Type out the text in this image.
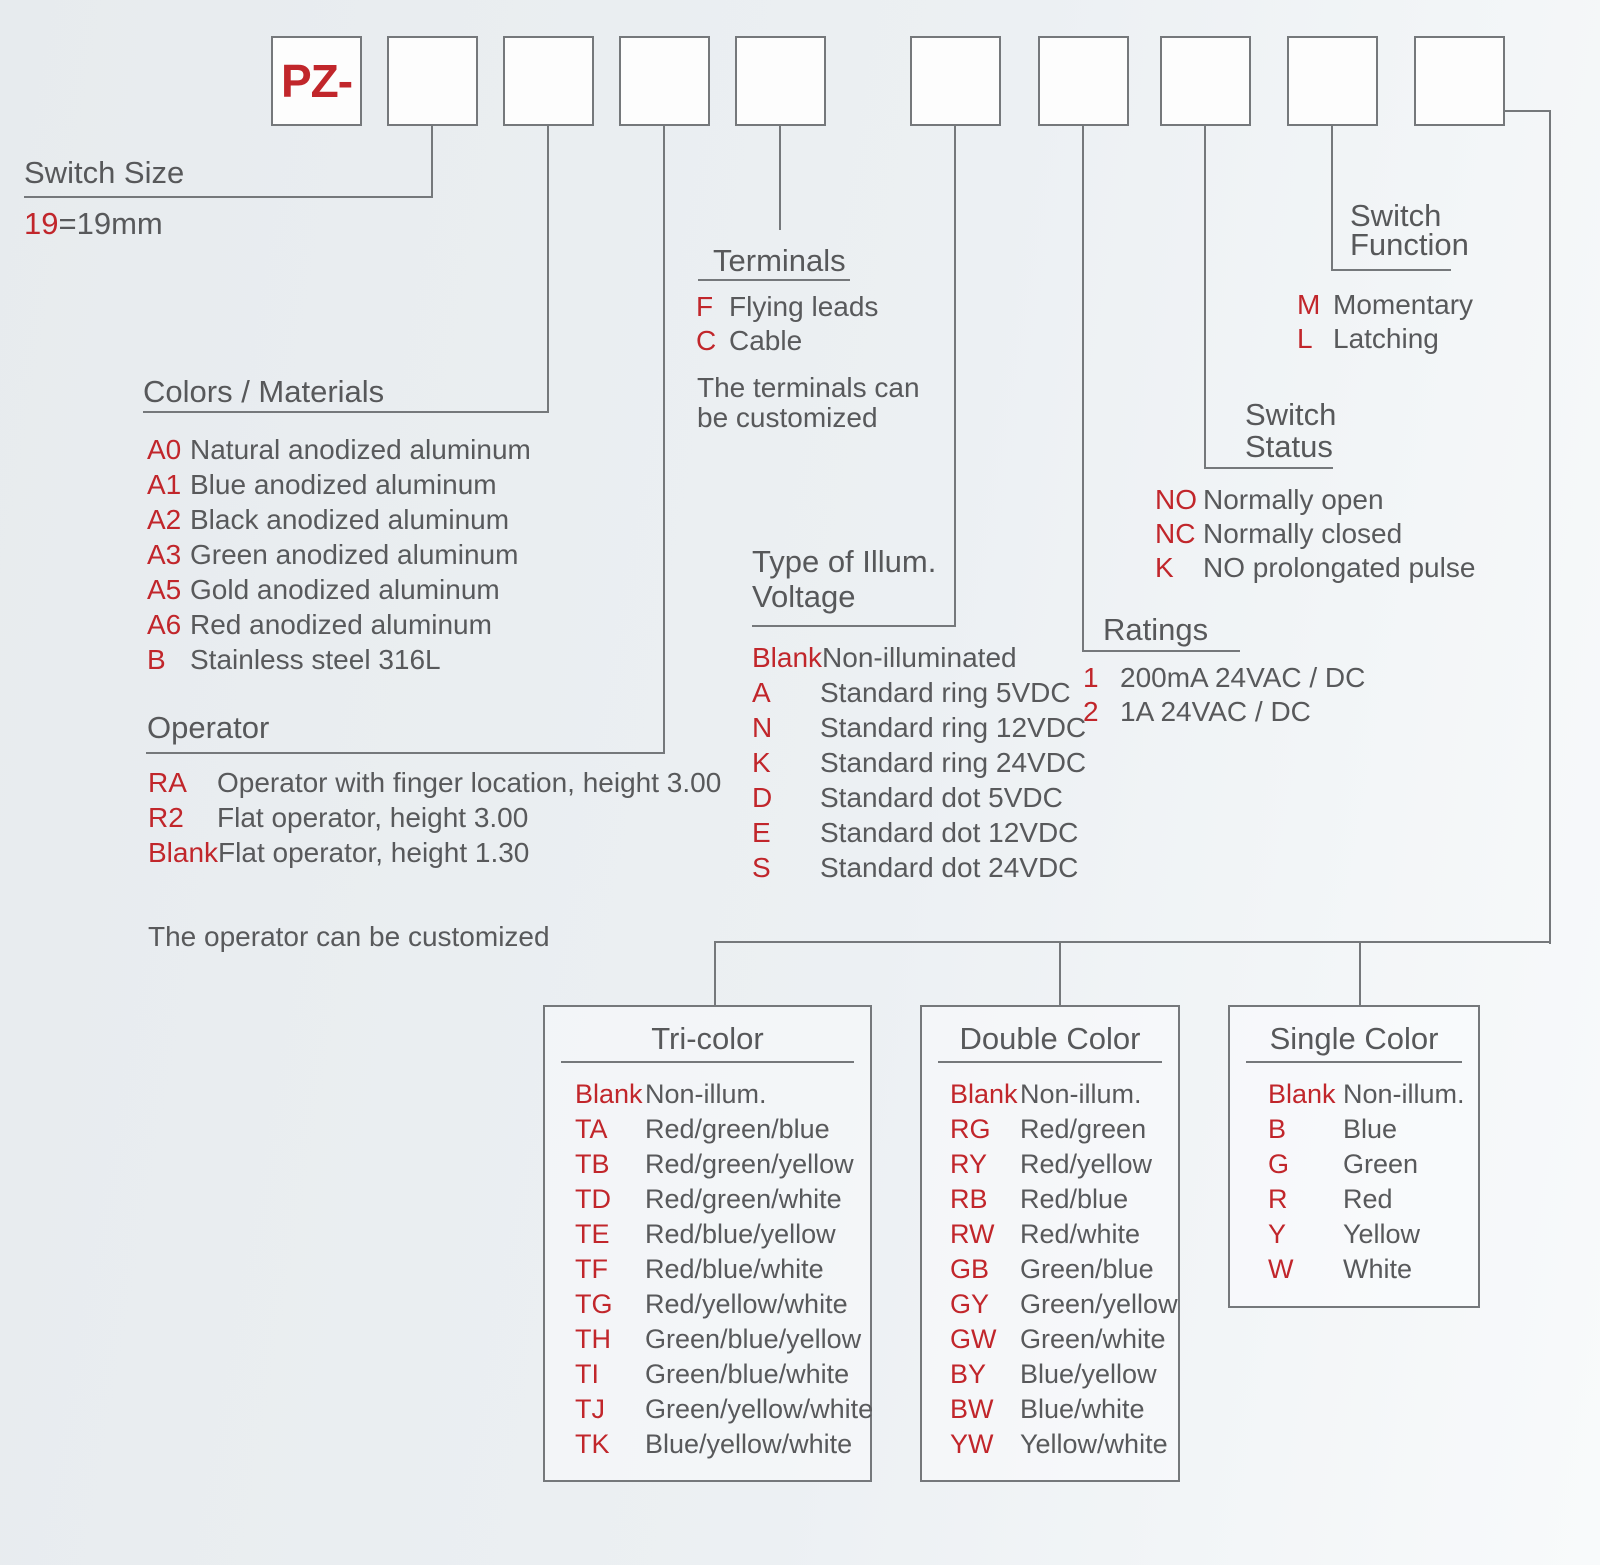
PZ-
Switch Size
19=19mm
Colors / Materials
A0 Natural anodized aluminum
A1 Blue anodized aluminum
A2 Black anodized aluminum
A3 Green anodized aluminum
A5 Gold anodized aluminum
A6 Red anodized aluminum
B Stainless steel 316L
Operator
RA Operator with finger location, height 3.00
R2 Flat operator, height 3.00
BlankFlat operator, height 1.30
The operator can be customized
Terminals
F Flying leads
C Cable
The terminals can
be customized
Type of Illum.
Voltage
BlankNon-illuminated
A Standard ring 5VDC
N Standard ring 12VDC
K Standard ring 24VDC
D Standard dot 5VDC
E Standard dot 12VDC
S Standard dot 24VDC
Ratings
1 200mA 24VAC / DC
2 1A 24VAC / DC
Switch
Status
NO Normally open
NC Normally closed
K NO prolongated pulse
Switch
Function
M Momentary
L Latching
Tri-color
BlankNon-illum.
TA Red/green/blue
TB Red/green/yellow
TD Red/green/white
TE Red/blue/yellow
TF Red/blue/white
TG Red/yellow/white
TH Green/blue/yellow
TI Green/blue/white
TJ Green/yellow/white
TK Blue/yellow/white
Double Color
BlankNon-illum.
RG Red/green
RY Red/yellow
RB Red/blue
RW Red/white
GB Green/blue
GY Green/yellow
GW Green/white
BY Blue/yellow
BW Blue/white
YW Yellow/white
Single Color
Blank Non-illum.
B Blue
G Green
R Red
Y Yellow
W White
